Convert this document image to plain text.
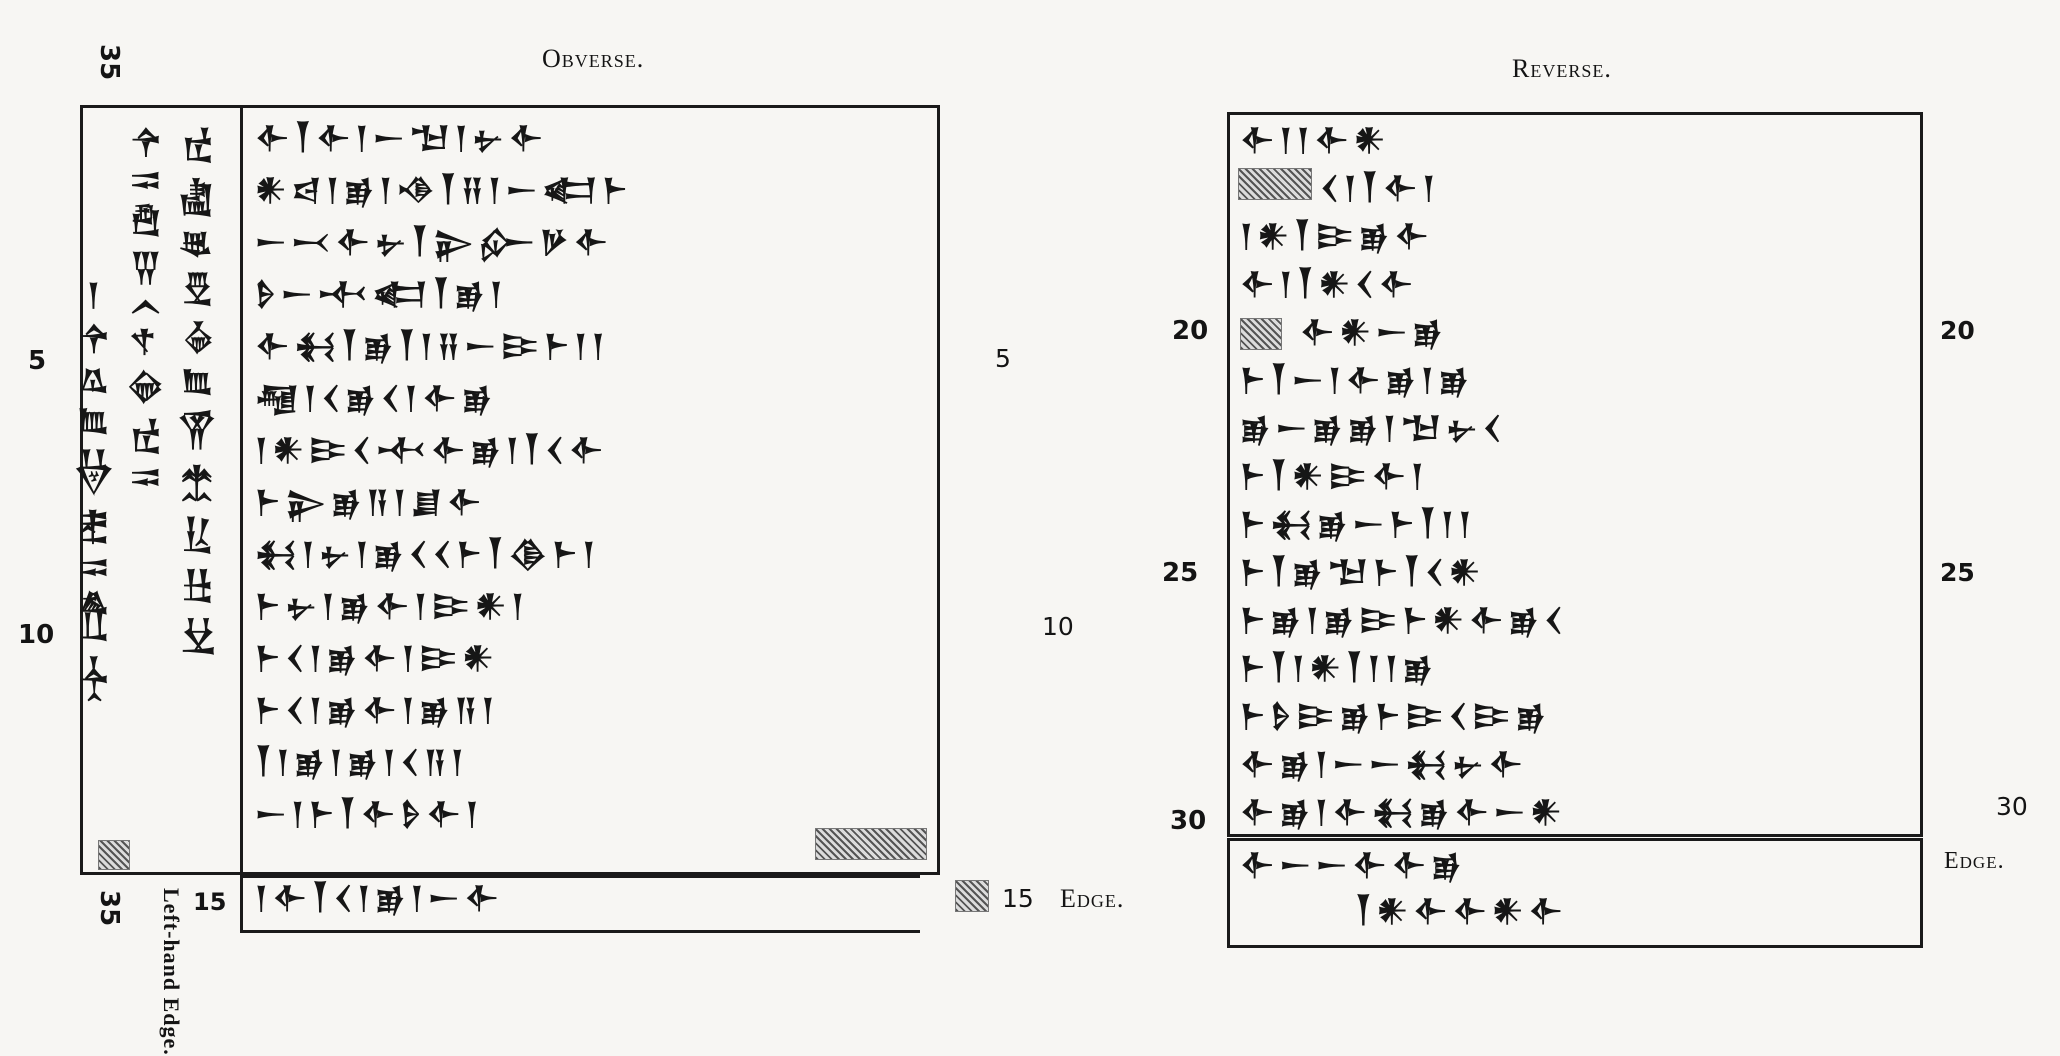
Obverse.	Reverse.
35
35 Left-hand Edge.
5
10
15
𒀸𒅆𒁀𒋗𒄠𒊑𒀀𒅗𒋾 𒅆𒀀𒊏𒄿𒌋𒉡𒆠𒈠𒀀 𒈠𒆷𒂊𒊭𒈾𒋗𒌉𒈬𒁺𒄥𒋫	𒅆𒐕𒅆𒁹𒀸𒈠𒁹𒉡𒅆
𒀭𒁀𒁹𒂊𒁹𒈾𒐕𒍝𒁹𒀸𒅗𒈨
𒀸𒁁𒅆𒉡𒐕𒉌𒅎𒃻𒅆
𒊩𒀸𒋾𒅗𒐕𒂊𒁹
𒅆𒈬𒐕𒂊𒐕𒁹𒍝𒀸𒄿𒈨𒁹𒁹
𒆷𒁹𒌋𒂊𒌋𒁹𒅆𒂊
𒁹𒀭𒄿𒌋𒋾𒅆𒂊𒁹𒐕𒌋𒅆
𒈨𒉌𒂊𒀀𒁹𒋗𒅆
𒈬𒁹𒉡𒁹𒂊𒌋𒌋𒈨𒐕𒆠𒈨𒁹
𒈨𒉡𒁹𒂊𒅆𒁹𒄿𒀭𒁹
𒈨𒌋𒁹𒂊𒅆𒁹𒄿𒀭
𒈨𒌋𒁹𒂊𒅆𒁹𒂊𒀀𒁹
𒐕𒁹𒂊𒁹𒂊𒁹𒌋𒀀𒁹
𒀸𒁹𒈨𒐕𒅆𒊩𒅆𒁹
𒁹𒅆𒐕𒌋𒁹𒂊𒁹𒀸𒅆
5
10
15 Edge.
𒅆𒁹𒁹𒅆𒀭
𒌋𒁹𒐕𒅆𒁹
𒁹𒀭𒐕𒄿𒂊𒅆
𒅆𒁹𒐕𒀭𒌋𒅆
𒅆𒀭𒀸𒂊
𒈨𒐕𒀸𒁹𒅆𒂊𒁹𒂊
𒂊𒀸𒂊𒂊𒁹𒈠𒉡𒌋
𒈨𒐕𒀭𒄿𒅆𒁹
𒈨𒈬𒂊𒀸𒈨𒐕𒁹𒁹
𒈨𒐕𒂊𒈠𒈨𒐕𒌋𒀭
𒈨𒂊𒁹𒂊𒄿𒈨𒀭𒅆𒂊𒌋
𒈨𒐕𒁹𒀭𒐕𒁹𒁹𒂊
𒈨𒊩𒄿𒂊𒈨𒄿𒌋𒄿𒂊
𒅆𒂊𒁹𒀸𒀸𒈬𒉡𒅆
𒅆𒂊𒁹𒅆𒈬𒂊𒅆𒀸𒀭
𒅆𒀸𒀸𒅆𒅆𒂊
𒐕𒀭𒅆𒅆𒀭𒅆
20	20
25	25
30	30
Edge.
